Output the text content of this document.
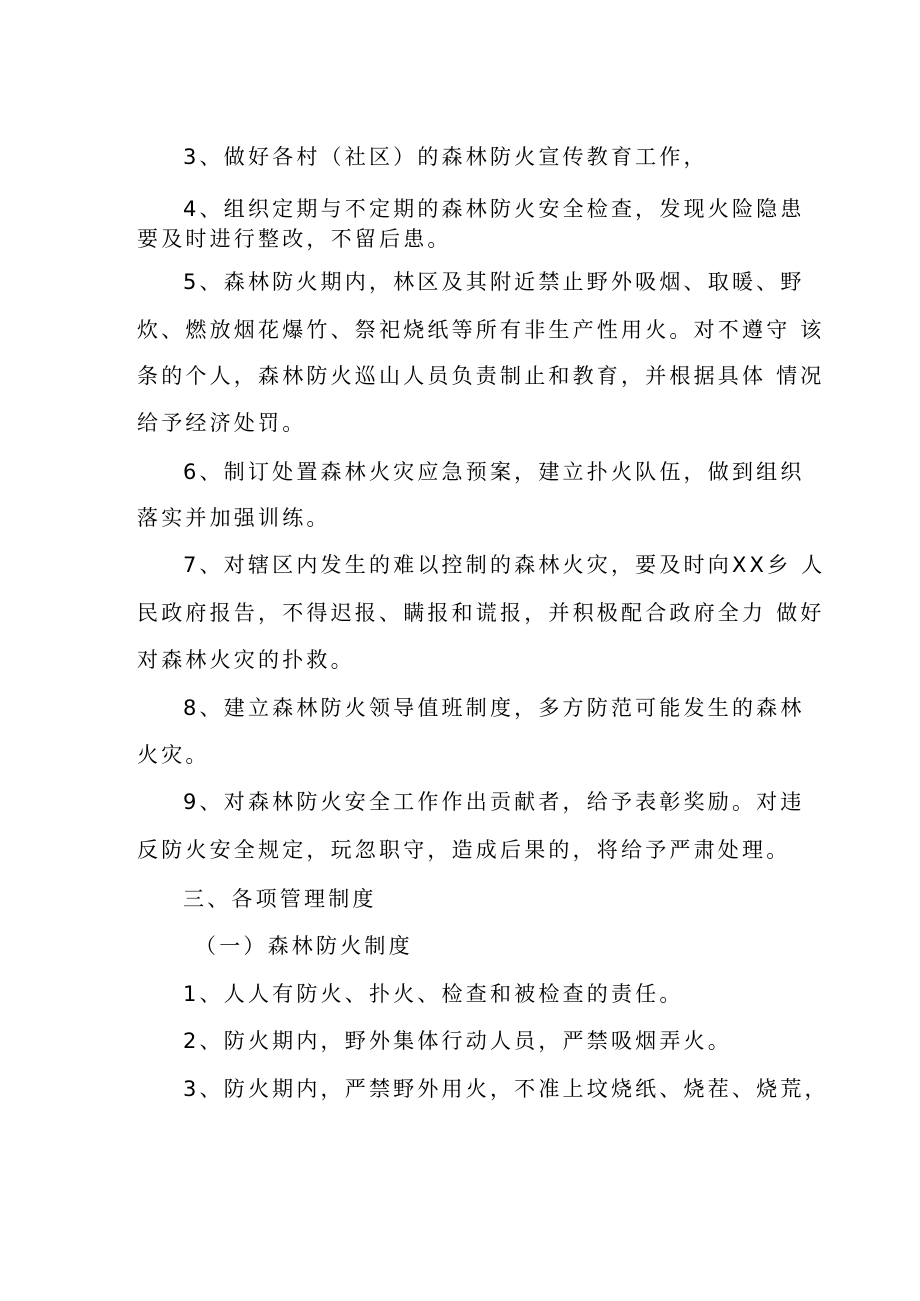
3、做好各村（社区）的森林防火宣传教育工作，
4、组织定期与不定期的森林防火安全检查，发现火险隐患
要及时进行整改，不留后患。
5、森林防火期内，林区及其附近禁止野外吸烟、取暖、野
炊、燃放烟花爆竹、祭祀烧纸等所有非生产性用火。对不遵守 该
条的个人，森林防火巡山人员负责制止和教育，并根据具体 情况
给予经济处罚。
6、制订处置森林火灾应急预案，建立扑火队伍，做到组织
落实并加强训练。
7、对辖区内发生的难以控制的森林火灾，要及时向XX乡 人
民政府报告，不得迟报、瞒报和谎报，并积极配合政府全力 做好
对森林火灾的扑救。
8、建立森林防火领导值班制度，多方防范可能发生的森林
火灾。
9、对森林防火安全工作作出贡献者，给予表彰奖励。对违
反防火安全规定，玩忽职守，造成后果的，将给予严肃处理。
三、各项管理制度
（一）森林防火制度
1、人人有防火、扑火、检查和被检查的责任。
2、防火期内，野外集体行动人员，严禁吸烟弄火。
3、防火期内，严禁野外用火，不准上坟烧纸、烧茬、烧荒，
